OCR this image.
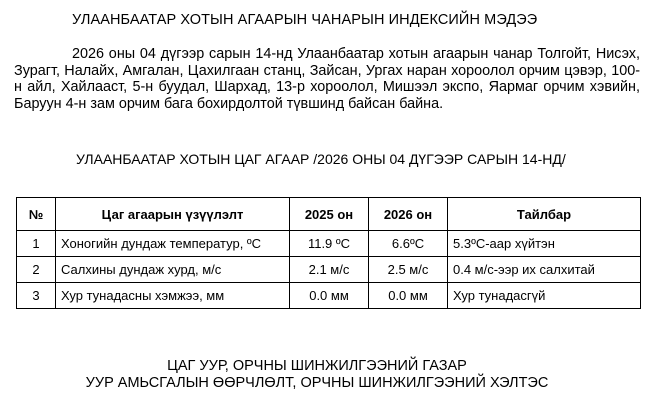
УЛААНБААТАР ХОТЫН АГААРЫН ЧАНАРЫН ИНДЕКСИЙН МЭДЭЭ
2026 оны 04 дүгээр сарын 14-нд Улаанбаатар хотын агаарын чанар Толгойт, Нисэх, Зурагт, Налайх, Амгалан, Цахилгаан станц, Зайсан, Ургах наран хороолол орчим цэвэр, 100-н айл, Хайлааст, 5-н буудал, Шархад, 13-р хороолол, Мишээл экспо, Яармаг орчим хэвийн, Баруун 4-н зам орчим бага бохирдолтой түвшинд байсан байна.
УЛААНБААТАР ХОТЫН ЦАГ АГААР /2026 ОНЫ 04 ДҮГЭЭР САРЫН 14-НД/
№	Цаг агаарын үзүүлэлт	2025 он	2026 он	Тайлбар
1	Хоногийн дундаж температур, ºC	11.9 ºC	6.6ºC	5.3ºC-аар хүйтэн
2	Салхины дундаж хурд, м/с	2.1 м/с	2.5 м/с	0.4 м/с-ээр их салхитай
3	Хур тунадасны хэмжээ, мм	0.0 мм	0.0 мм	Хур тунадасгүй
ЦАГ УУР, ОРЧНЫ ШИНЖИЛГЭЭНИЙ ГАЗАР
УУР АМЬСГАЛЫН ӨӨРЧЛӨЛТ, ОРЧНЫ ШИНЖИЛГЭЭНИЙ ХЭЛТЭС
